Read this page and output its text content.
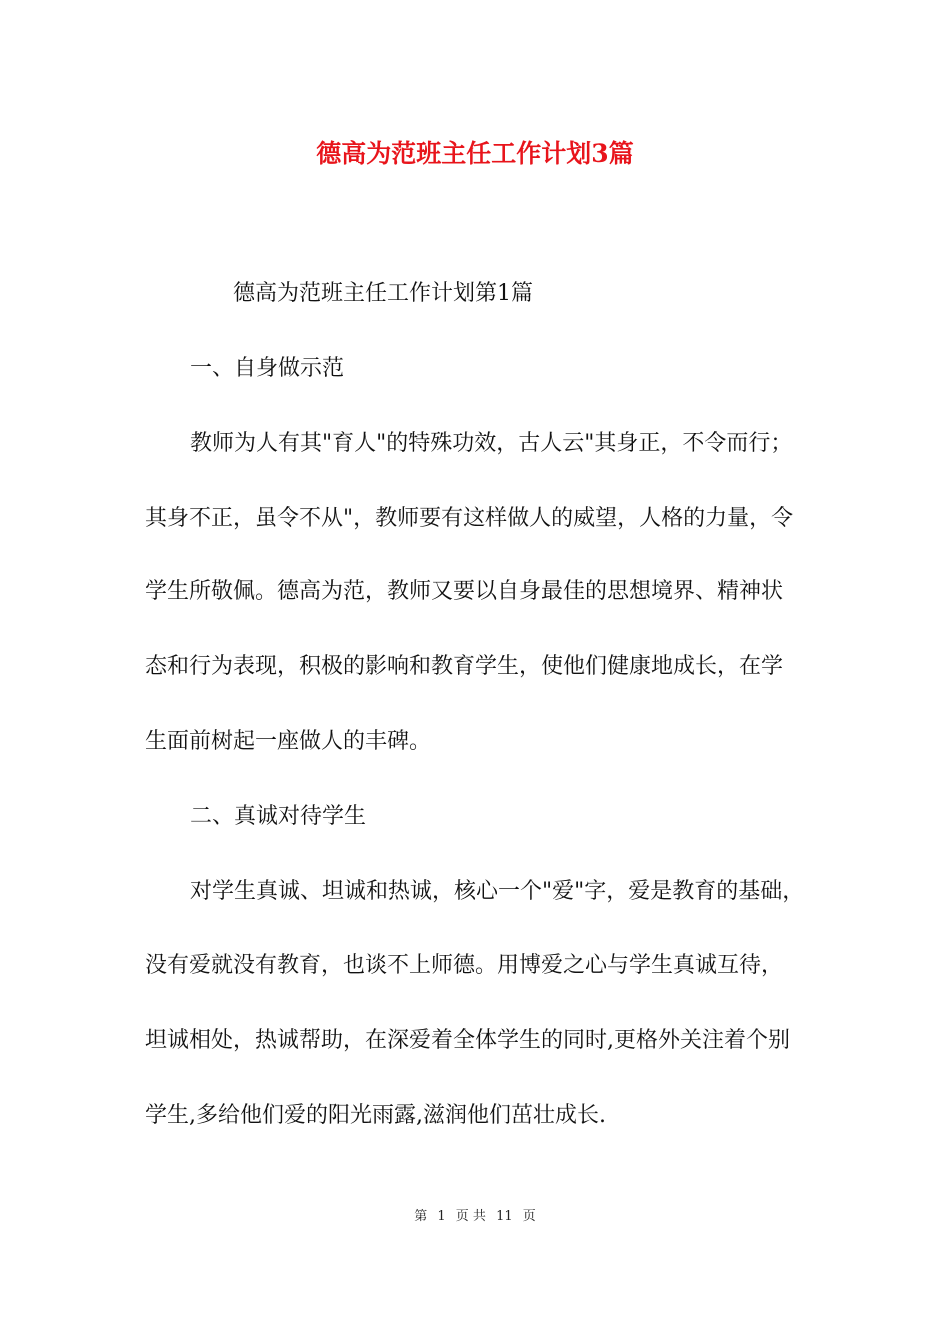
德高为范班主任工作计划3篇

德高为范班主任工作计划第1篇

一、自身做示范

教师为人有其"育人"的特殊功效，古人云"其身正，不令而行；

其身不正，虽令不从"，教师要有这样做人的威望，人格的力量，令

学生所敬佩。德高为范，教师又要以自身最佳的思想境界、精神状

态和行为表现，积极的影响和教育学生，使他们健康地成长，在学

生面前树起一座做人的丰碑。

二、真诚对待学生

对学生真诚、坦诚和热诚，核心一个"爱"字，爱是教育的基础，

没有爱就没有教育，也谈不上师德。用博爱之心与学生真诚互待，

坦诚相处，热诚帮助，在深爱着全体学生的同时,更格外关注着个别

学生,多给他们爱的阳光雨露,滋润他们茁壮成长.

第 1 页 共 11 页
